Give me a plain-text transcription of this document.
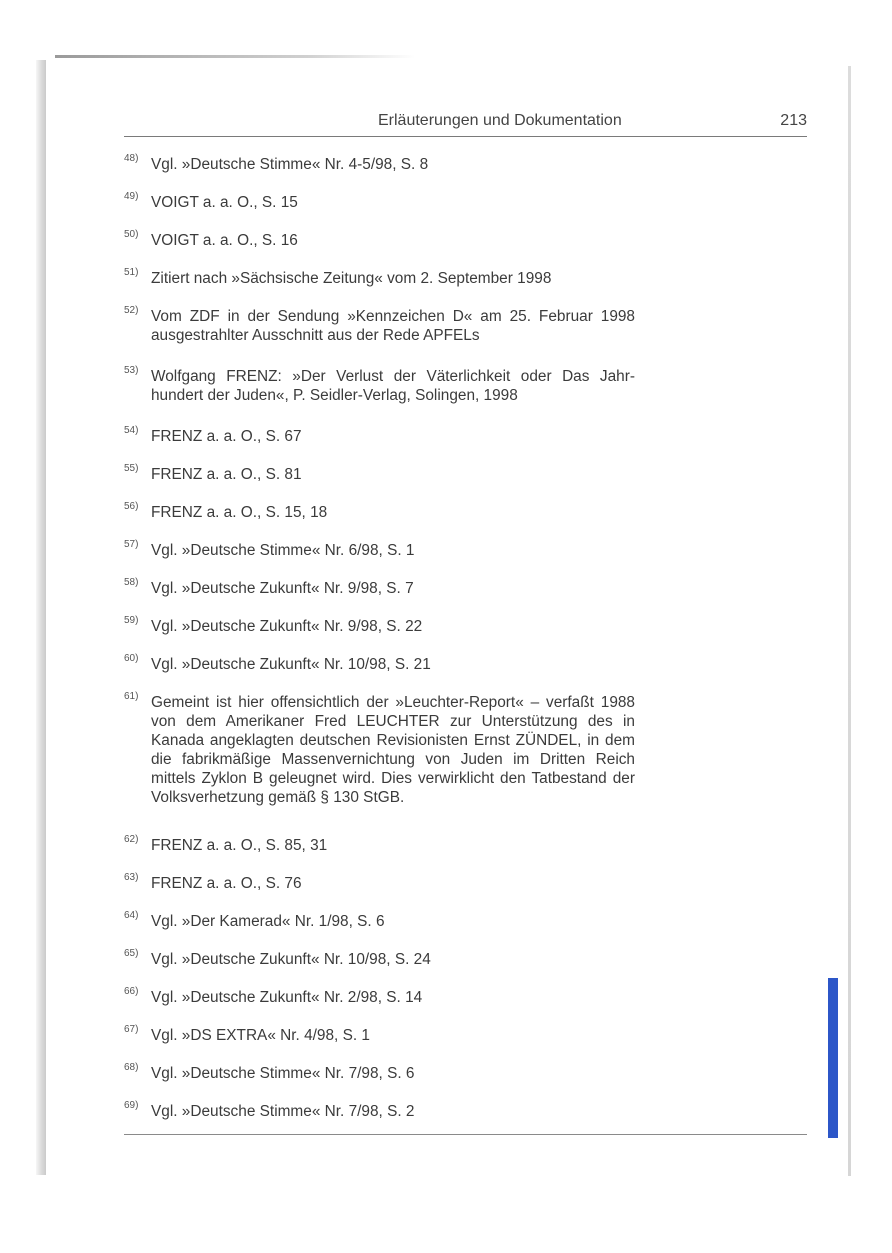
Erläuterungen und Dokumentation	213
48) Vgl. »Deutsche Stimme« Nr. 4-5/98, S. 8
49) VOIGT a. a. O., S. 15
50) VOIGT a. a. O., S. 16
51) Zitiert nach »Sächsische Zeitung« vom 2. September 1998
52) Vom ZDF in der Sendung »Kennzeichen D« am 25. Februar 1998 ausgestrahlter Ausschnitt aus der Rede APFELs
53) Wolfgang FRENZ: »Der Verlust der Väterlichkeit oder Das Jahr-hundert der Juden«, P. Seidler-Verlag, Solingen, 1998
54) FRENZ a. a. O., S. 67
55) FRENZ a. a. O., S. 81
56) FRENZ a. a. O., S. 15, 18
57) Vgl. »Deutsche Stimme« Nr. 6/98, S. 1
58) Vgl. »Deutsche Zukunft« Nr. 9/98, S. 7
59) Vgl. »Deutsche Zukunft« Nr. 9/98, S. 22
60) Vgl. »Deutsche Zukunft« Nr. 10/98, S. 21
61) Gemeint ist hier offensichtlich der »Leuchter-Report« – verfaßt 1988 von dem Amerikaner Fred LEUCHTER zur Unterstützung des in Kanada angeklagten deutschen Revisionisten Ernst ZÜNDEL, in dem die fabrikmäßige Massenvernichtung von Juden im Dritten Reich mittels Zyklon B geleugnet wird. Dies verwirklicht den Tatbestand der Volksverhetzung gemäß § 130 StGB.
62) FRENZ a. a. O., S. 85, 31
63) FRENZ a. a. O., S. 76
64) Vgl. »Der Kamerad« Nr. 1/98, S. 6
65) Vgl. »Deutsche Zukunft« Nr. 10/98, S. 24
66) Vgl. »Deutsche Zukunft« Nr. 2/98, S. 14
67) Vgl. »DS EXTRA« Nr. 4/98, S. 1
68) Vgl. »Deutsche Stimme« Nr. 7/98, S. 6
69) Vgl. »Deutsche Stimme« Nr. 7/98, S. 2
